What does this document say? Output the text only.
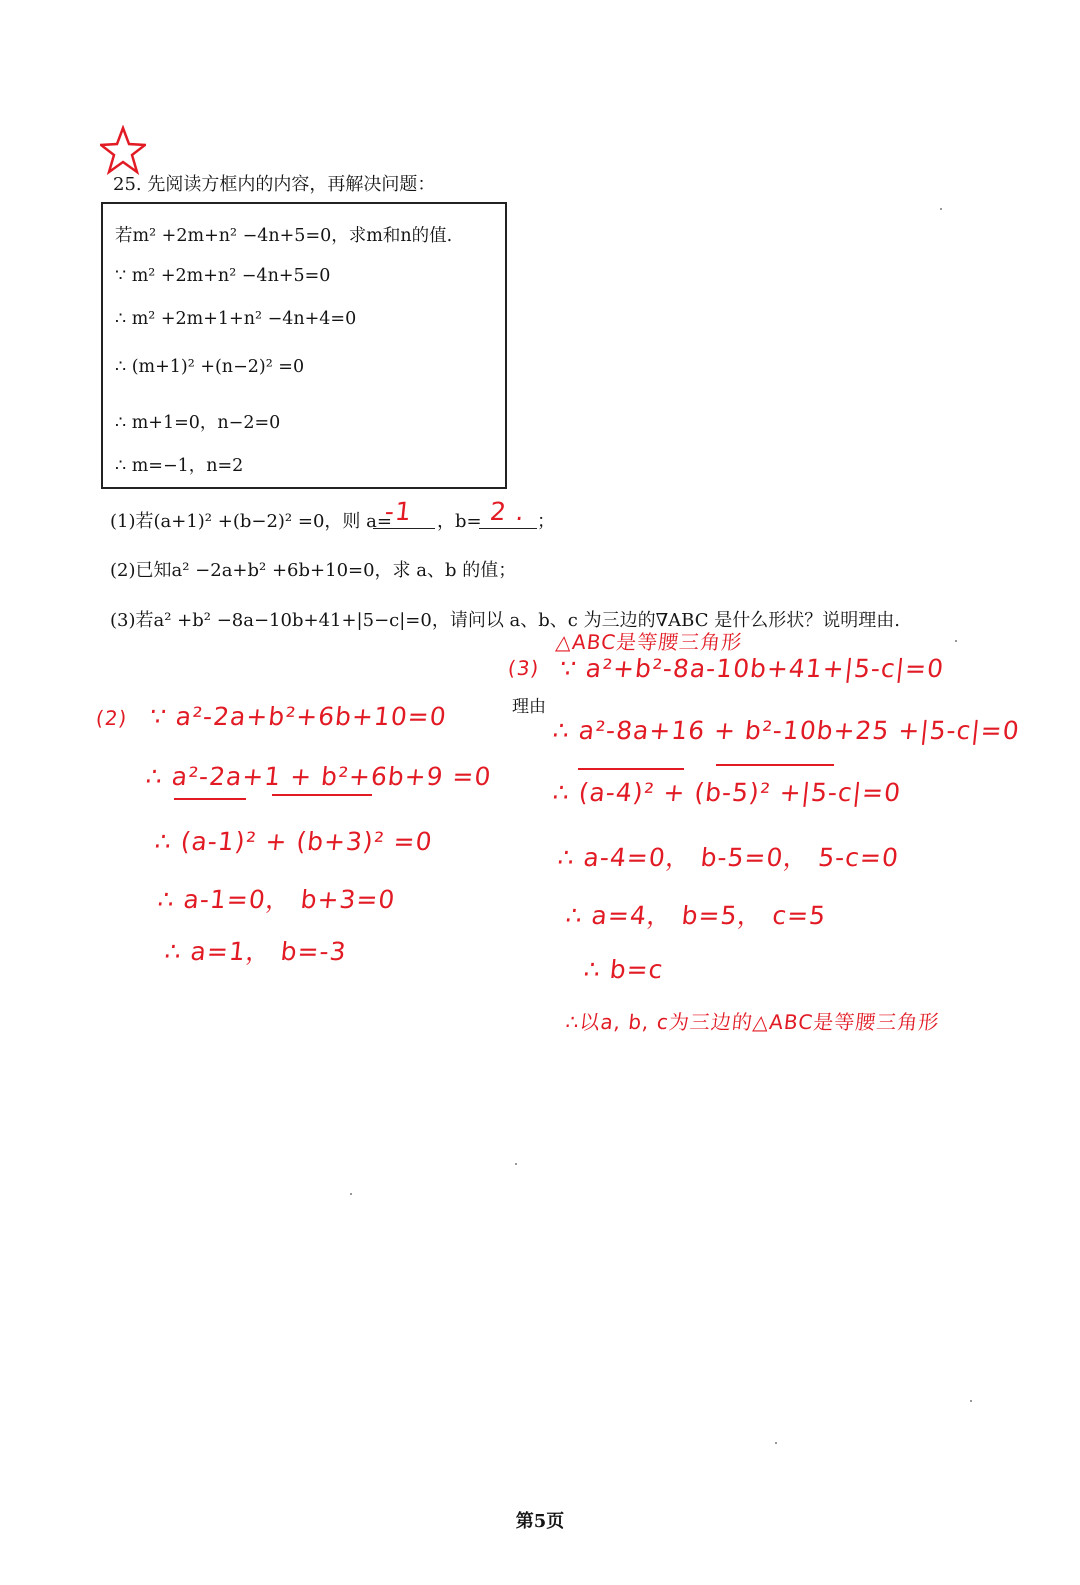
25. 先阅读方框内的内容，再解决问题：
若m² +2m+n² −4n+5=0，求m和n的值.
∵ m² +2m+n² −4n+5=0
∴ m² +2m+1+n² −4n+4=0
∴ (m+1)² +(n−2)² =0
∴ m+1=0，n−2=0
∴ m=−1，n=2
(1)若(a+1)² +(b−2)² =0，则 a=
-1 ，b= 2 . ；
(2)已知a² −2a+b² +6b+10=0，求 a、b 的值；
(3)若a² +b² −8a−10b+41+|5−c|=0，请问以 a、b、c 为三边的∇ABC 是什么形状？说明理由.
△ABC是等腰三角形
(3)
理由
∵ a²+b²-8a-10b+41+|5-c|=0
∴ a²-8a+16 + b²-10b+25 +|5-c|=0
∴ (a-4)² + (b-5)² +|5-c|=0
∴ a-4=0， b-5=0， 5-c=0
∴ a=4， b=5， c=5
∴ b=c
∴以a, b, c为三边的△ABC是等腰三角形
(2) ∵ a²-2a+b²+6b+10=0
∴ a²-2a+1 + b²+6b+9 =0
∴ (a-1)² + (b+3)² =0
∴ a-1=0， b+3=0
∴ a=1， b=-3
第5页
